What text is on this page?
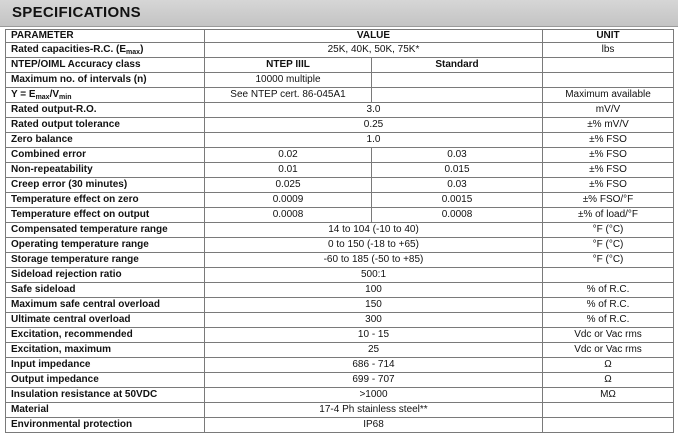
SPECIFICATIONS
PARAMETER	VALUE		UNIT
Rated capacities-R.C. $(E_{max})$	25K, 40K, 50K, 75K*		lbs
NTEP/OIML Accuracy class	NTEP IIIL	Standard	
Maximum no. of intervals (n)	10000 multiple		
$Y = E_{max}/V_{min}$	See NTEP cert. 86-045A1		Maximum available
Rated output-R.O.	3.0		mV/V
Rated output tolerance	0.25		±% mV/V
Zero balance	1.0		±% FSO
Combined error	0.02	0.03	±% FSO
Non-repeatability	0.01	0.015	±% FSO
Creep error (30 minutes)	0.025	0.03	±% FSO
Temperature effect on zero	0.0009	0.0015	±% FSO/°F
Temperature effect on output	0.0008	0.0008	±% of load/°F
Compensated temperature range	14 to 104 (-10 to 40)		°F (°C)
Operating temperature range	0 to 150 (-18 to +65)		°F (°C)
Storage temperature range	-60 to 185 (-50 to +85)		°F (°C)
Sideload rejection ratio	500:1		
Safe sideload	100		% of R.C.
Maximum safe central overload	150		% of R.C.
Ultimate central overload	300		% of R.C.
Excitation, recommended	10 - 15		Vdc or Vac rms
Excitation, maximum	25		Vdc or Vac rms
Input impedance	686 - 714		Ω
Output impedance	699 - 707		Ω
Insulation resistance at 50VDC	>1000		MΩ
Material	17-4 Ph stainless steel**		
Environmental protection	IP68		
